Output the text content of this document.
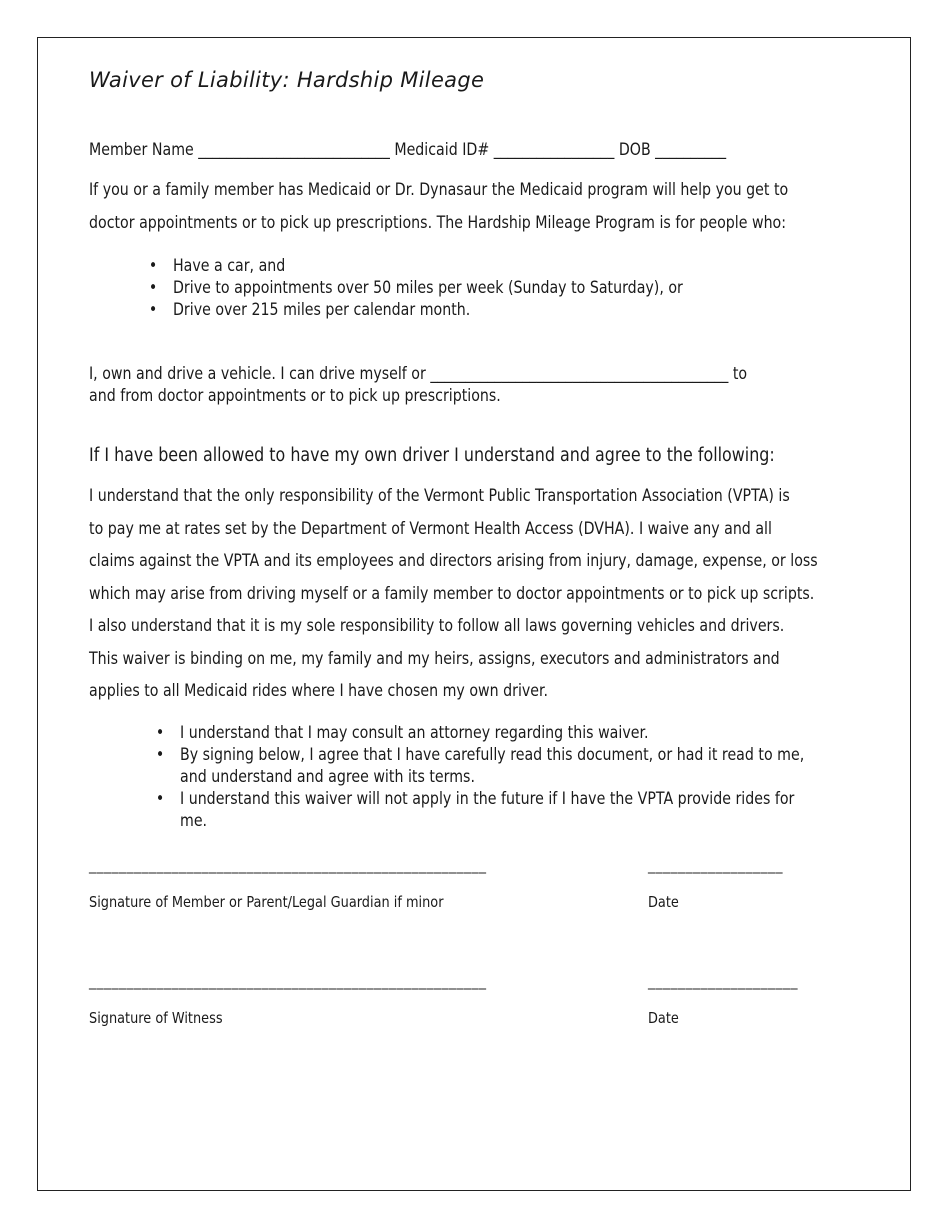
Waiver of Liability: Hardship Mileage
Member Name ___________________________ Medicaid ID# _________________ DOB __________

If you or a family member has Medicaid or Dr. Dynasaur the Medicaid program will help you get to

doctor appointments or to pick up prescriptions. The Hardship Mileage Program is for people who:

• Have a car, and
• Drive to appointments over 50 miles per week (Sunday to Saturday), or
• Drive over 215 miles per calendar month.
I, own and drive a vehicle. I can drive myself or __________________________________________ to
and from doctor appointments or to pick up prescriptions.
If I have been allowed to have my own driver I understand and agree to the following:

I understand that the only responsibility of the Vermont Public Transportation Association (VPTA) is

to pay me at rates set by the Department of Vermont Health Access (DVHA). I waive any and all

claims against the VPTA and its employees and directors arising from injury, damage, expense, or loss

which may arise from driving myself or a family member to doctor appointments or to pick up scripts.

I also understand that it is my sole responsibility to follow all laws governing vehicles and drivers.

This waiver is binding on me, my family and my heirs, assigns, executors and administrators and

applies to all Medicaid rides where I have chosen my own driver.

• I understand that I may consult an attorney regarding this waiver.
• By signing below, I agree that I have carefully read this document, or had it read to me,
and understand and agree with its terms.
• I understand this waiver will not apply in the future if I have the VPTA provide rides for
me.
_____________________________________________________	__________________
Signature of Member or Parent/Legal Guardian if minor	Date
_____________________________________________________	____________________
Signature of Witness	Date
